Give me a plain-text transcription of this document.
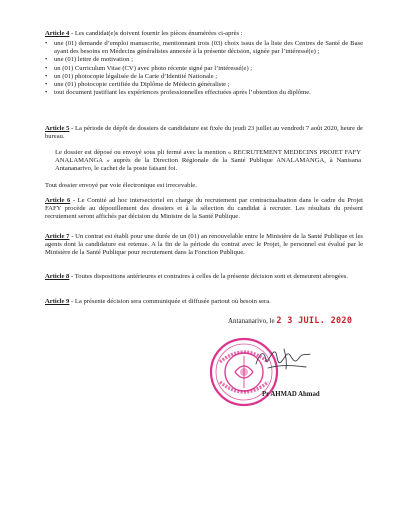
Article 4 - Les candidat(e)s doivent fournir les pièces énumérées ci-après :
• une (01) demande d’emploi manuscrite, mentionnant trois (03) choix issus de la liste des Centres de Santé de Base ayant des besoins en Médecins généralistes annexée à la présente décision, signée par l’intéressé(e) ;
• une (01) lettre de motivation ;
• un (01) Curriculum Vitae (CV) avec photo récente signé par l’intéressé(e) ;
• un (01) photocopie légalisée de la Carte d’Identité Nationale ;
• une (01) photocopie certifiée du Diplôme de Médecin généraliste ;
• tout document justifiant les expériences professionnelles effectuées après l’obtention du diplôme.
Article 5 - La période de dépôt de dossiers de candidature est fixée du jeudi 23 juillet au vendredi 7 août 2020, heure de bureau.
Le dossier est déposé ou envoyé sous pli fermé avec la mention « RECRUTEMENT MEDECINS PROJET FAFY ANALAMANGA » auprès de la Direction Régionale de la Santé Publique ANALAMANGA, à Nanisana Antananarivo, le cachet de la poste faisant foi.
Tout dossier envoyé par voie électronique est irrecevable.
Article 6 - Le Comité ad hoc intersectoriel en charge du recrutement par contractualisation dans le cadre du Projet FAFY procède au dépouillement des dossiers et à la sélection du candidat à recruter. Les résultats du présent recrutement seront affichés par décision du Ministre de la Santé Publique.
Article 7 - Un contrat est établi pour une durée de un (01) an renouvelable entre le Ministère de la Santé Publique et les agents dont la candidature est retenue. A la fin de la période du contrat avec le Projet, le personnel est évalué par le Ministère de la Santé Publique pour recrutement dans la Fonction Publique.
Article 8 - Toutes dispositions antérieures et contraires à celles de la présente décision sont et demeurent abrogées.
Article 9 - La présente décision sera communiquée et diffusée partout où besoin sera.
Antananarivo, le 2 3 JUIL. 2020
Pr AHMAD Ahmad
